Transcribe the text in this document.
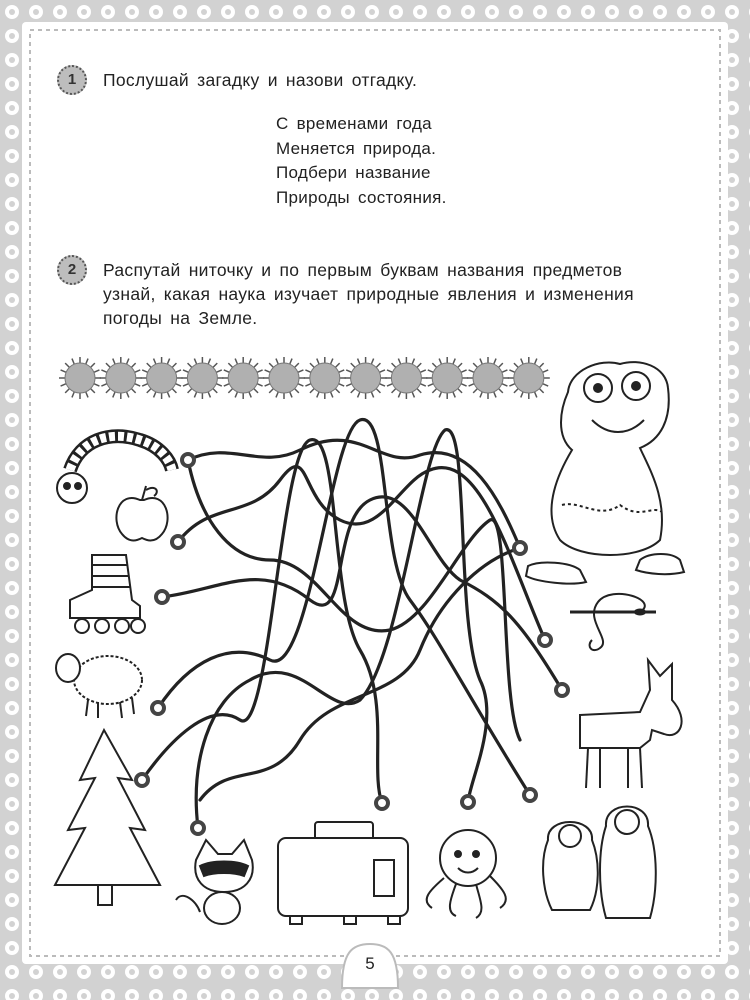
1	Послушай загадку и назови отгадку.
С временами года
Меняется природа.
Подбери название
Природы состояния.
2	Распутай ниточку и по первым буквам названия предметов
узнай, какая наука изучает природные явления и изменения
погоды на Земле.
5
